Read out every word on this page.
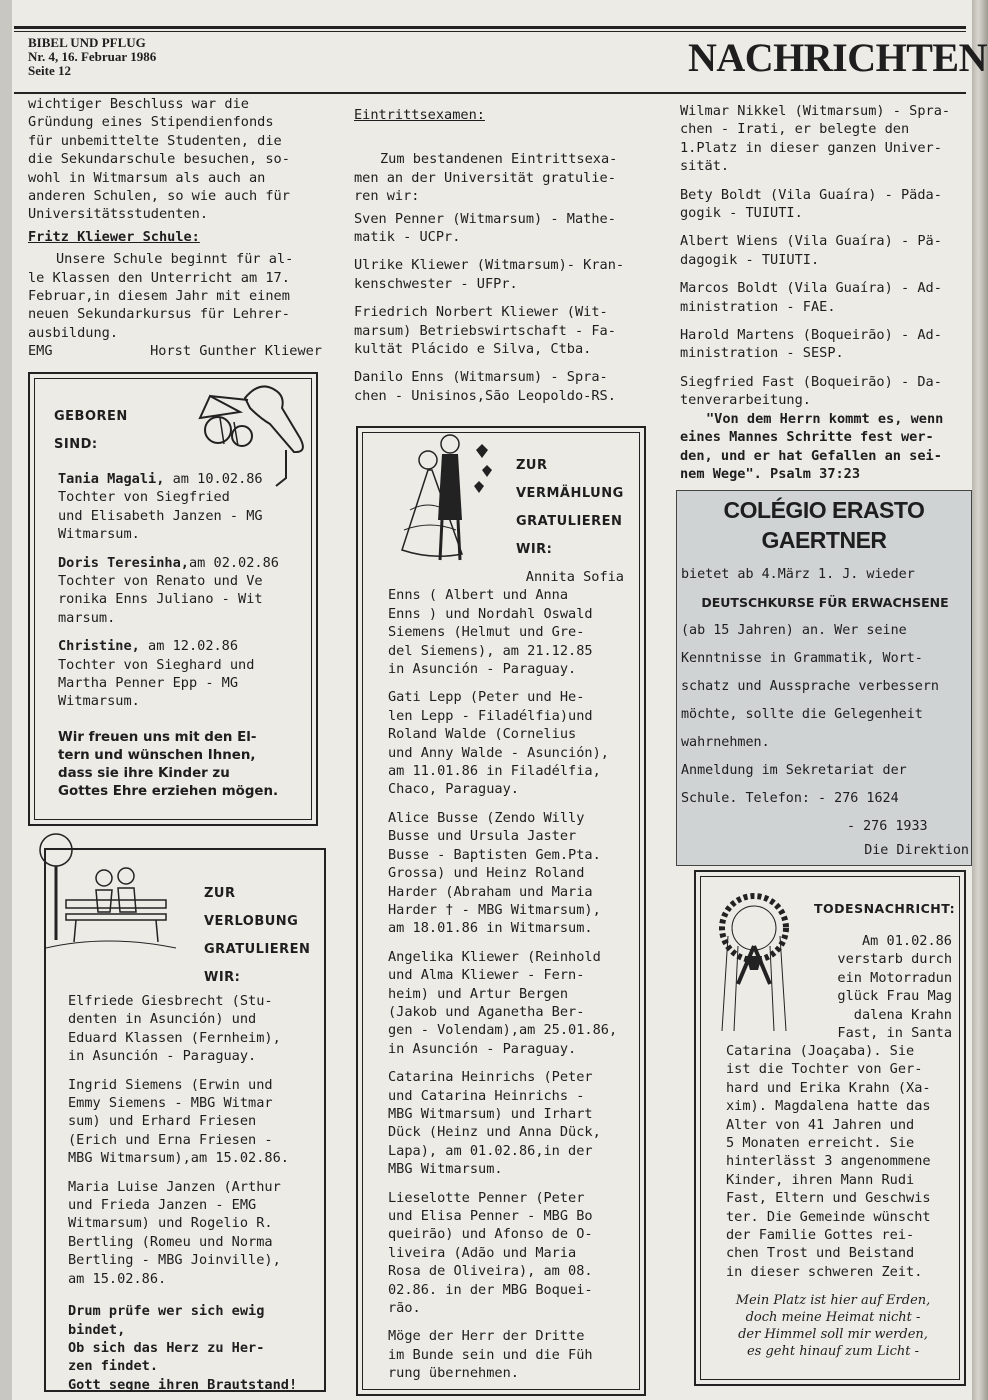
BIBEL UND PFLUG
Nr. 4, 16. Februar 1986
Seite 12	NACHRICHTEN

wichtiger Beschluss war die

Gründung eines Stipendienfonds

für unbemittelte Studenten, die

die Sekundarschule besuchen, so-

wohl in Witmarsum als auch an

anderen Schulen, so wie auch für

Universitätsstudenten.

Fritz Kliewer Schule:

Unsere Schule beginnt für al-

le Klassen den Unterricht am 17.

Februar,in diesem Jahr mit einem

neuen Sekundarkursus für Lehrer-

ausbildung.

EMG	Horst Gunther Kliewer
GEBOREN
SIND:

Tania Magali, am 10.02.86

Tochter von Siegfried

und Elisabeth Janzen - MG

Witmarsum.

Doris Teresinha,am 02.02.86

Tochter von Renato und Ve

ronika Enns Juliano - Wit

marsum.

Christine, am 12.02.86

Tochter von Sieghard und

Martha Penner Epp - MG

Witmarsum.

Wir freuen uns mit den El-

tern und wünschen Ihnen,

dass sie ihre Kinder zu

Gottes Ehre erziehen mögen.

ZUR
VERLOBUNG
GRATULIEREN
WIR:

Elfriede Giesbrecht (Stu-

denten in Asunción) und

Eduard Klassen (Fernheim),

in Asunción - Paraguay.

Ingrid Siemens (Erwin und

Emmy Siemens - MBG Witmar

sum) und Erhard Friesen

(Erich und Erna Friesen -

MBG Witmarsum),am 15.02.86.

Maria Luise Janzen (Arthur

und Frieda Janzen - EMG

Witmarsum) und Rogelio R.

Bertling (Romeu und Norma

Bertling - MBG Joinville),

am 15.02.86.

Drum prüfe wer sich ewig

bindet,

Ob sich das Herz zu Her-

zen findet.

Gott segne ihren Brautstand!

Eintrittsexamen:

Zum bestandenen Eintrittsexa-

men an der Universität gratulie-

ren wir:

Sven Penner (Witmarsum) - Mathe-

matik - UCPr.

Ulrike Kliewer (Witmarsum)- Kran-

kenschwester - UFPr.

Friedrich Norbert Kliewer (Wit-

marsum) Betriebswirtschaft - Fa-

kultät Plácido e Silva, Ctba.

Danilo Enns (Witmarsum) - Spra-

chen - Unisinos,São Leopoldo-RS.

ZUR
VERMÄHLUNG
GRATULIEREN
WIR:

Annita Sofia

Enns ( Albert und Anna

Enns ) und Nordahl Oswald

Siemens (Helmut und Gre-

del Siemens), am 21.12.85

in Asunción - Paraguay.

Gati Lepp (Peter und He-

len Lepp - Filadélfia)und

Roland Walde (Cornelius

und Anny Walde - Asunción),

am 11.01.86 in Filadélfia,

Chaco, Paraguay.

Alice Busse (Zendo Willy

Busse und Ursula Jaster

Busse - Baptisten Gem.Pta.

Grossa) und Heinz Roland

Harder (Abraham und Maria

Harder † - MBG Witmarsum),

am 18.01.86 in Witmarsum.

Angelika Kliewer (Reinhold

und Alma Kliewer - Fern-

heim) und Artur Bergen

(Jakob und Aganetha Ber-

gen - Volendam),am 25.01.86,

in Asunción - Paraguay.

Catarina Heinrichs (Peter

und Catarina Heinrichs -

MBG Witmarsum) und Irhart

Dück (Heinz und Anna Dück,

Lapa), am 01.02.86,in der

MBG Witmarsum.

Lieselotte Penner (Peter

und Elisa Penner - MBG Bo

queirão) und Afonso de O-

liveira (Adão und Maria

Rosa de Oliveira), am 08.

02.86. in der MBG Boquei-

rão.

Möge der Herr der Dritte

im Bunde sein und die Füh

rung übernehmen.

Wilmar Nikkel (Witmarsum) - Spra-

chen - Irati, er belegte den

1.Platz in dieser ganzen Univer-

sität.

Bety Boldt (Vila Guaíra) - Päda-

gogik - TUIUTI.

Albert Wiens (Vila Guaíra) - Pä-

dagogik - TUIUTI.

Marcos Boldt (Vila Guaíra) - Ad-

ministration - FAE.

Harold Martens (Boqueirão) - Ad-

ministration - SESP.

Siegfried Fast (Boqueirão) - Da-

tenverarbeitung.

"Von dem Herrn kommt es, wenn

eines Mannes Schritte fest wer-

den, und er hat Gefallen an sei-

nem Wege". Psalm 37:23

COLÉGIO ERASTO
GAERTNER

bietet ab 4.März 1. J. wieder

DEUTSCHKURSE FÜR ERWACHSENE

(ab 15 Jahren) an. Wer seine

Kenntnisse in Grammatik, Wort-

schatz und Aussprache verbessern

möchte, sollte die Gelegenheit

wahrnehmen.

Anmeldung im Sekretariat der

Schule. Telefon: - 276 1624

- 276 1933

Die Direktion

TODESNACHRICHT:

Am 01.02.86

verstarb durch

ein Motorradun

glück Frau Mag

dalena Krahn

Fast, in Santa

Catarina (Joaçaba). Sie

ist die Tochter von Ger-

hard und Erika Krahn (Xa-

xim). Magdalena hatte das

Alter von 41 Jahren und

5 Monaten erreicht. Sie

hinterlässt 3 angenommene

Kinder, ihren Mann Rudi

Fast, Eltern und Geschwis

ter. Die Gemeinde wünscht

der Familie Gottes rei-

chen Trost und Beistand

in dieser schweren Zeit.

Mein Platz ist hier auf Erden,
doch meine Heimat nicht -
der Himmel soll mir werden,
es geht hinauf zum Licht -
